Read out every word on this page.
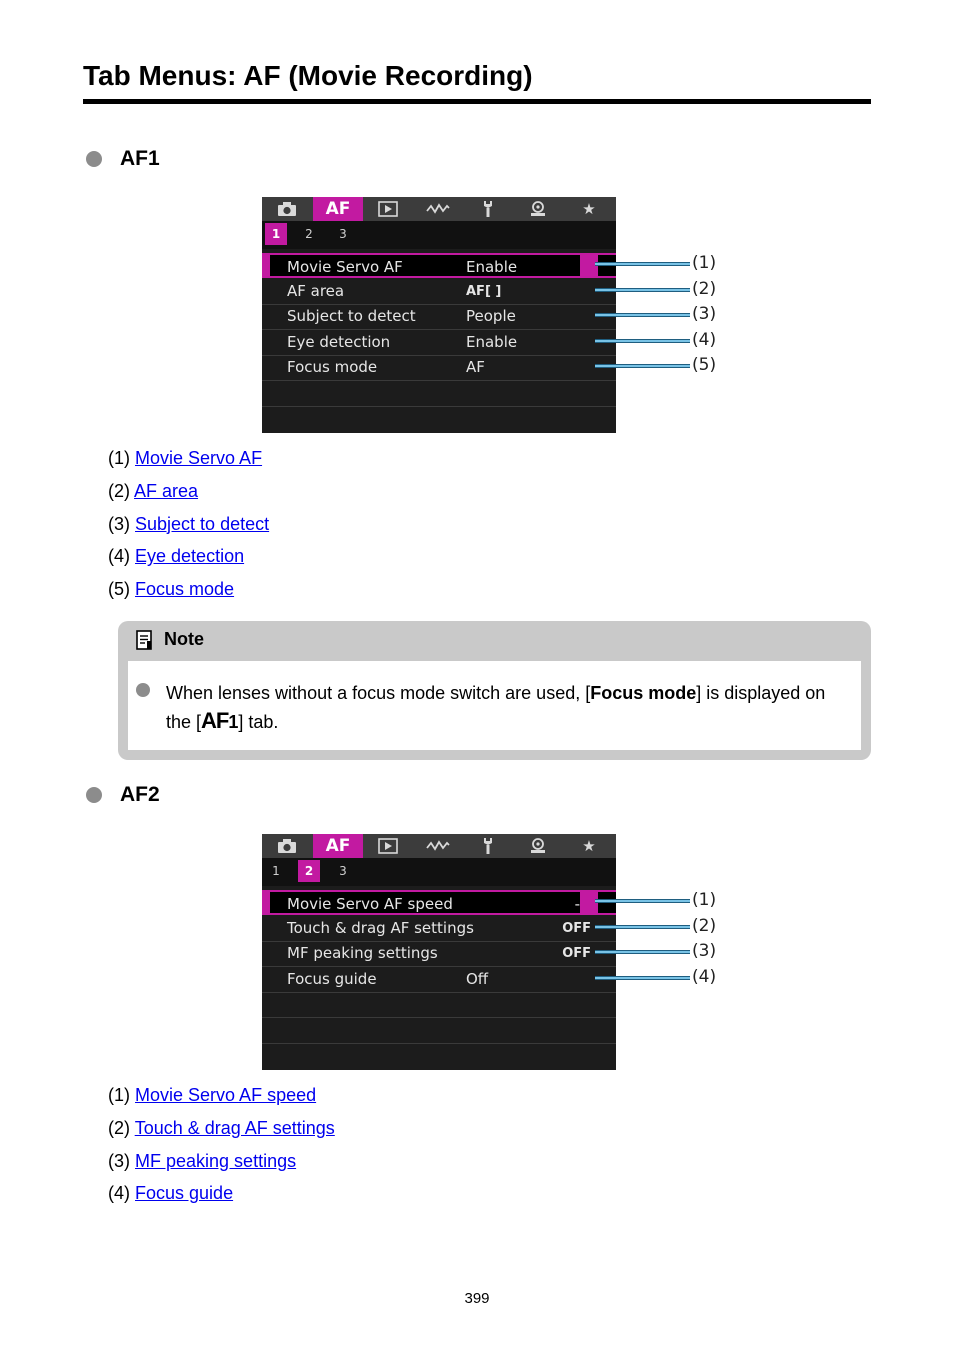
Tab Menus: AF (Movie Recording)
AF1
AF	★
1	2	3
Movie Servo AF	Enable
AF area	AF[ ]
Subject to detect	People
Eye detection	Enable
Focus mode	AF
(1)
(2)
(3)
(4)
(5)
(1) Movie Servo AF
(2) AF area
(3) Subject to detect
(4) Eye detection
(5) Focus mode
Note
When lenses without a focus mode switch are used, [Focus mode] is displayed on the [AF1] tab.
AF2
AF	★
1	2	3
Movie Servo AF speed	-
Touch & drag AF settings	OFF
MF peaking settings	OFF
Focus guide	Off
(1)
(2)
(3)
(4)
(1) Movie Servo AF speed
(2) Touch & drag AF settings
(3) MF peaking settings
(4) Focus guide
399
